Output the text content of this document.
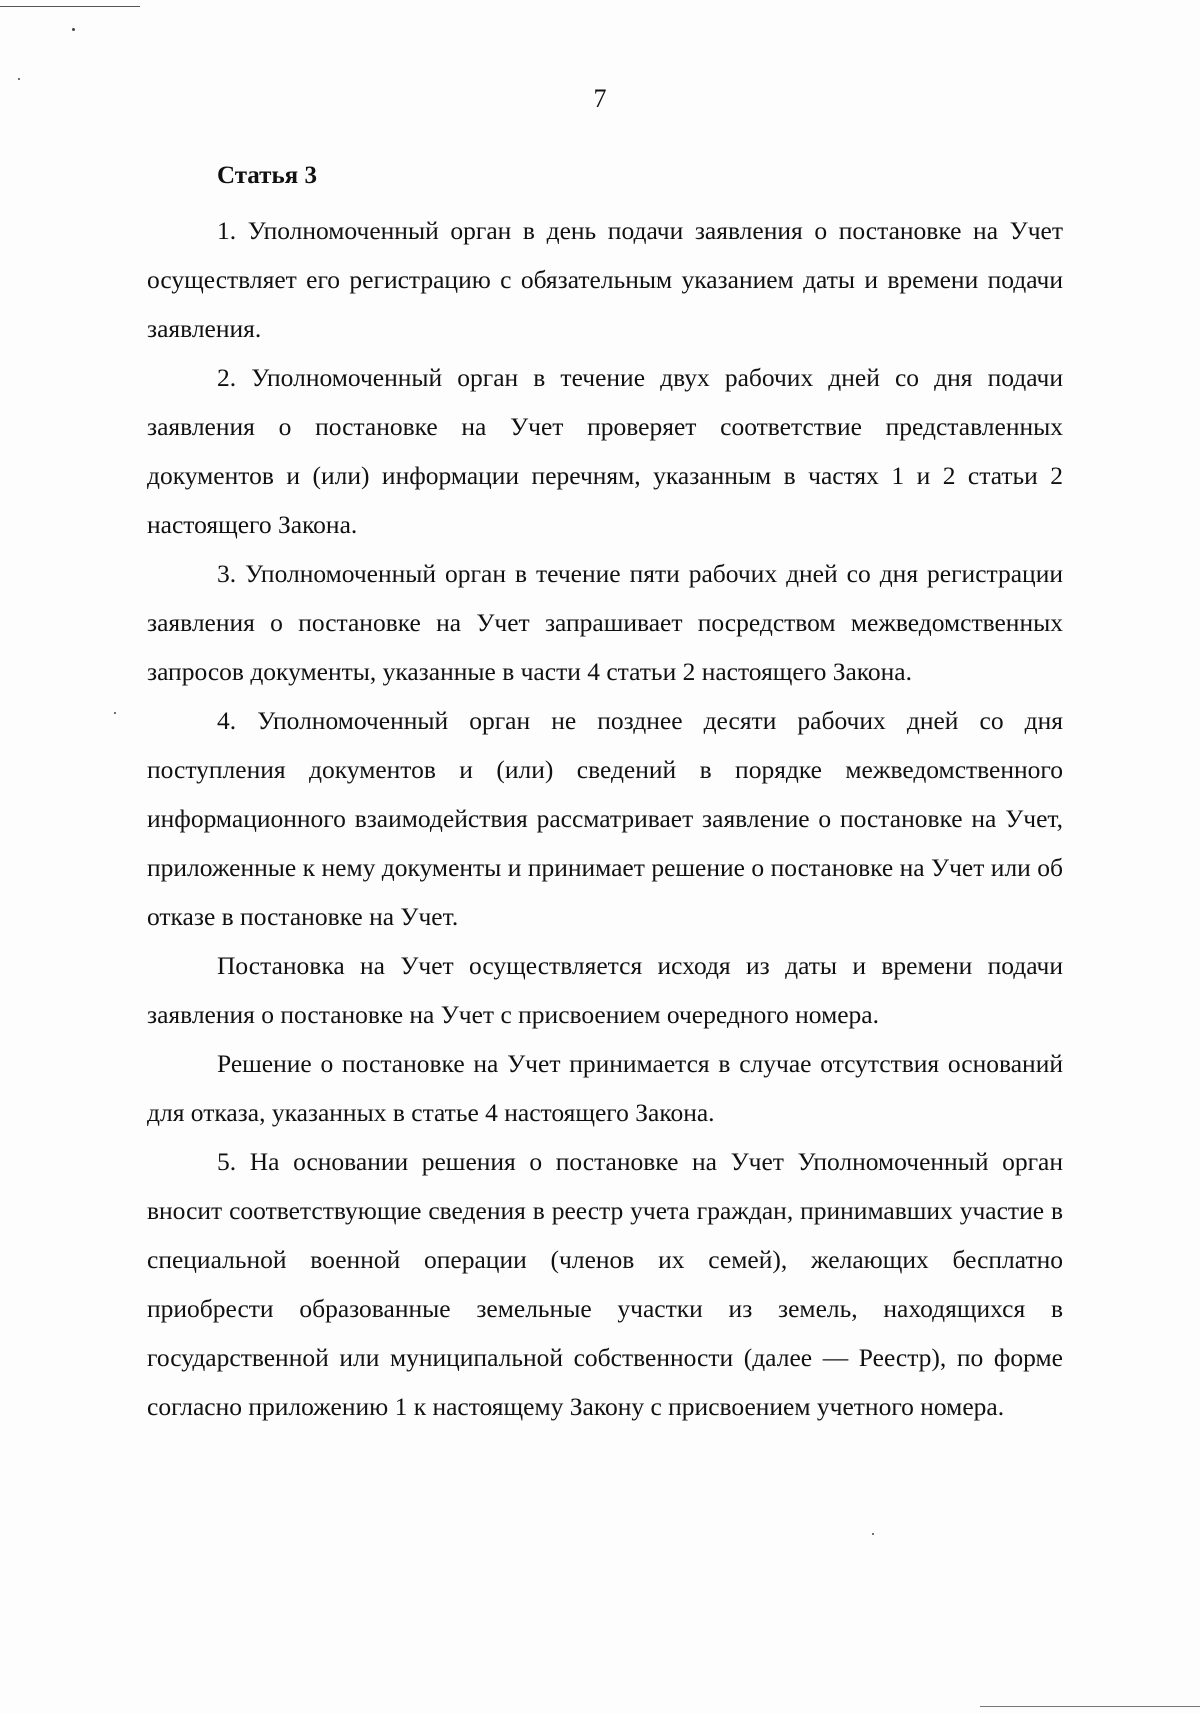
7
Статья 3

1. Уполномоченный орган в день подачи заявления о постановке на Учет осуществляет его регистрацию с обязательным указанием даты и времени подачи заявления.

2. Уполномоченный орган в течение двух рабочих дней со дня подачи заявления о постановке на Учет проверяет соответствие представленных документов и (или) информации перечням, указанным в частях 1 и 2 статьи 2 настоящего Закона.

3. Уполномоченный орган в течение пяти рабочих дней со дня регистрации заявления о постановке на Учет запрашивает посредством межведомственных запросов документы, указанные в части 4 статьи 2 настоящего Закона.

4. Уполномоченный орган не позднее десяти рабочих дней со дня поступления документов и (или) сведений в порядке межведомственного информационного взаимодействия рассматривает заявление о постановке на Учет, приложенные к нему документы и принимает решение о постановке на Учет или об отказе в постановке на Учет.

Постановка на Учет осуществляется исходя из даты и времени подачи заявления о постановке на Учет с присвоением очередного номера.

Решение о постановке на Учет принимается в случае отсутствия оснований для отказа, указанных в статье 4 настоящего Закона.

5. На основании решения о постановке на Учет Уполномоченный орган вносит соответствующие сведения в реестр учета граждан, принимавших участие в специальной военной операции (членов их семей), желающих бесплатно приобрести образованные земельные участки из земель, находящихся в государственной или муниципальной собственности (далее — Реестр), по форме согласно приложению 1 к настоящему Закону с присвоением учетного номера.
